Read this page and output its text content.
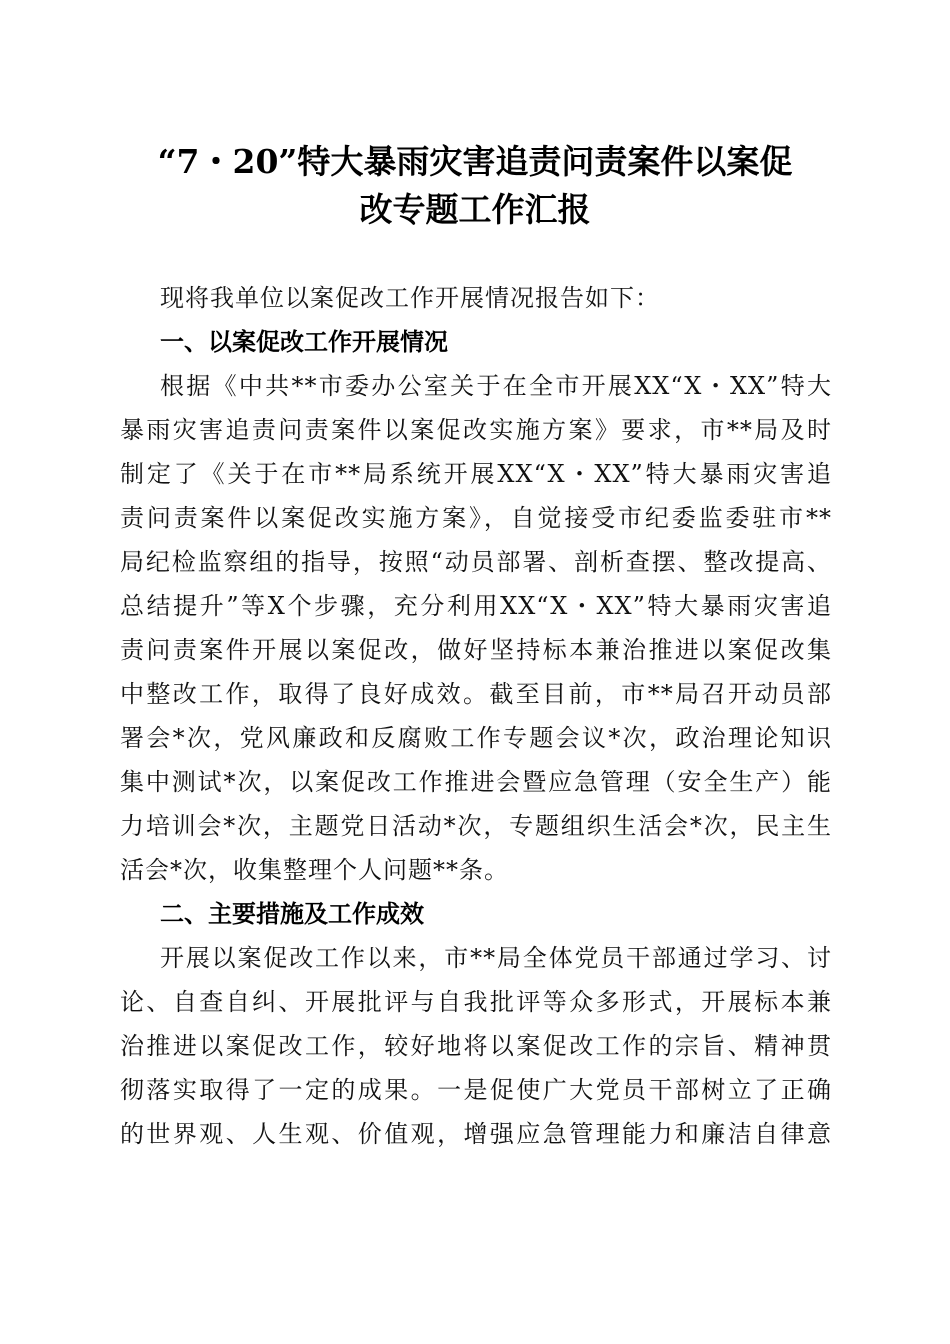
“7・20”特大暴雨灾害追责问责案件以案促
改专题工作汇报
现将我单位以案促改工作开展情况报告如下：
一、以案促改工作开展情况
根据《中共**市委办公室关于在全市开展XX“X・XX”特大
暴雨灾害追责问责案件以案促改实施方案》要求，市**局及时
制定了《关于在市**局系统开展XX“X・XX”特大暴雨灾害追
责问责案件以案促改实施方案》，自觉接受市纪委监委驻市**
局纪检监察组的指导，按照“动员部署、剖析查摆、整改提高、
总结提升”等X个步骤，充分利用XX“X・XX”特大暴雨灾害追
责问责案件开展以案促改，做好坚持标本兼治推进以案促改集
中整改工作，取得了良好成效。截至目前，市**局召开动员部
署会*次，党风廉政和反腐败工作专题会议*次，政治理论知识
集中测试*次，以案促改工作推进会暨应急管理（安全生产）能
力培训会*次，主题党日活动*次，专题组织生活会*次，民主生
活会*次，收集整理个人问题**条。
二、主要措施及工作成效
开展以案促改工作以来，市**局全体党员干部通过学习、讨
论、自查自纠、开展批评与自我批评等众多形式，开展标本兼
治推进以案促改工作，较好地将以案促改工作的宗旨、精神贯
彻落实取得了一定的成果。一是促使广大党员干部树立了正确
的世界观、人生观、价值观，增强应急管理能力和廉洁自律意
